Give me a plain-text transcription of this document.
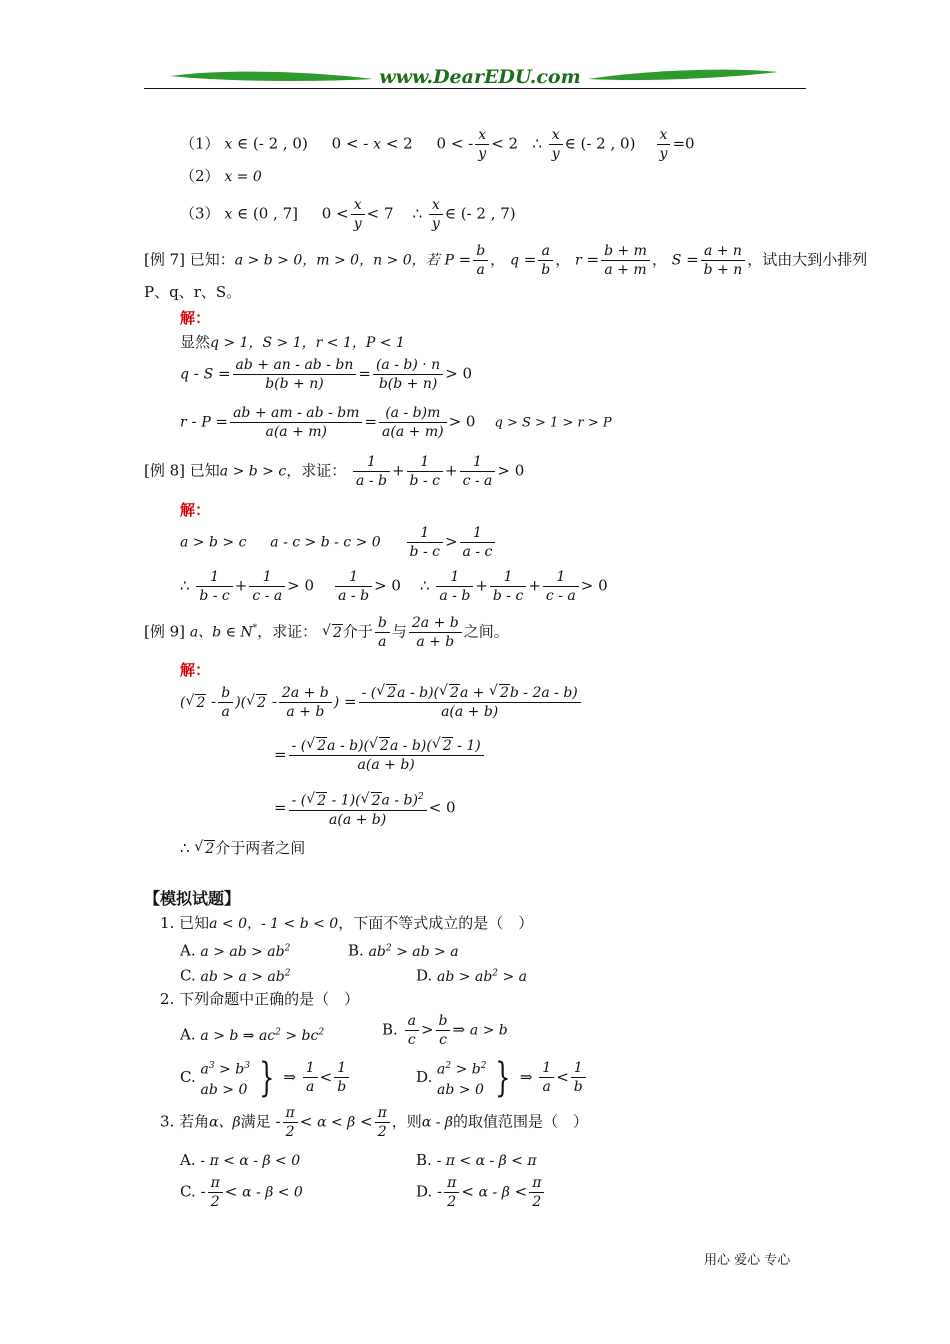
www.DearEDU.com
（1） x ∈ (- 2 , 0)     0 < - x < 2     0 < - $\frac{x}{y} < 2$   ∴ $\frac{x}{y}$ ∈ (- 2 , $0) \frac{x}{y} =0$
（2） x = 0
（3） x ∈ (0 , 7]     $0 < \frac{x}{y} < 7$    ∴ $\frac{x}{y}$ ∈ (- 2 , 7)
[例 7] 已知：a > b > 0，m > 0，n > 0，若 $P = \frac{b}{a}$ ， $q = \frac{a}{b}$ ， $r = \frac{b + m}{a + m}$ ， $S = \frac{a + n}{b + n}$ ，试由大到小排列
P、q、r、S。
解：
显然q > 1，S > 1，r < 1，P < 1
$q - S = \frac{ab + an - ab - bn}{b(b + n)} = \frac{(a - b) \cdot n}{b(b + n)} > 0$
$r - P = \frac{ab + am - ab - bm}{a(a + m)} = \frac{(a - b)m}{a(a + m)} > 0$    q > S > 1 > r > P
[例 8] 已知a > b > c，求证： $\frac{1}{a - b} + \frac{1}{b - c} + \frac{1}{c - a} > 0$
解：
a > b > c $a - c > b - c > 0 \frac{1}{b - c} > \frac{1}{a - c}$
∴ $\frac{1}{b - c} + \frac{1}{c - a} > 0 \frac{1}{a - b} > 0$    ∴ $\frac{1}{a - b} + \frac{1}{b - c} + \frac{1}{c - a} > 0$
[例 9] a、b ∈ N*，求证： √ 2介于 $\frac{b}{a}$ 与 $\frac{2a + b}{a + b}$ 之间。
解：
( √ $2 - \frac{b}{a}$ )( √ $2 - \frac{2a + b}{a + b}$ ) = $\frac{- ( √ 2a - b)( √ 2a + √ 2b - 2a - b)}{a(a + b)}$
= $\frac{- ( √ 2a - b)( √ 2a - b)( √ 2 - 1)}{a(a + b)}$
= $\frac{- ( √ 2 - 1)( √ 2a - b)^2}{a(a + b)} < 0$
∴ √ 2介于两者之间
【模拟试题】
1. 已知a < 0，- 1 < b < 0，下面不等式成立的是（　）
A. a > ab > $ab^2$	B. $ab^2$ > ab > a
C. ab > $a > ab^2$	D. ab > $ab^2 > a$
2. 下列命题中正确的是（　）
A. a > b ⇒ $ac^2 > bc^2$	B. $\frac{a}{c} > \frac{b}{c}$ ⇒ a > b
C. $a^3 > b^3$
ab > 0 } ⇒ $\frac{1}{a} < \frac{1}{b}$	D. $a^2 > b^2$
ab > 0 } ⇒ $\frac{1}{a} < \frac{1}{b}$
3. 若角α、β满足 - $\frac{\pi}{2} < \alpha < \beta < \frac{\pi}{2}$ ，则α - β的取值范围是（　）
A. - π < α - β < 0	B. - π < α - β < π
C. - $\frac{\pi}{2} < \alpha - \beta < 0$	D. - $\frac{\pi}{2} < \alpha - \beta < \frac{\pi}{2}$
用心 爱心 专心
